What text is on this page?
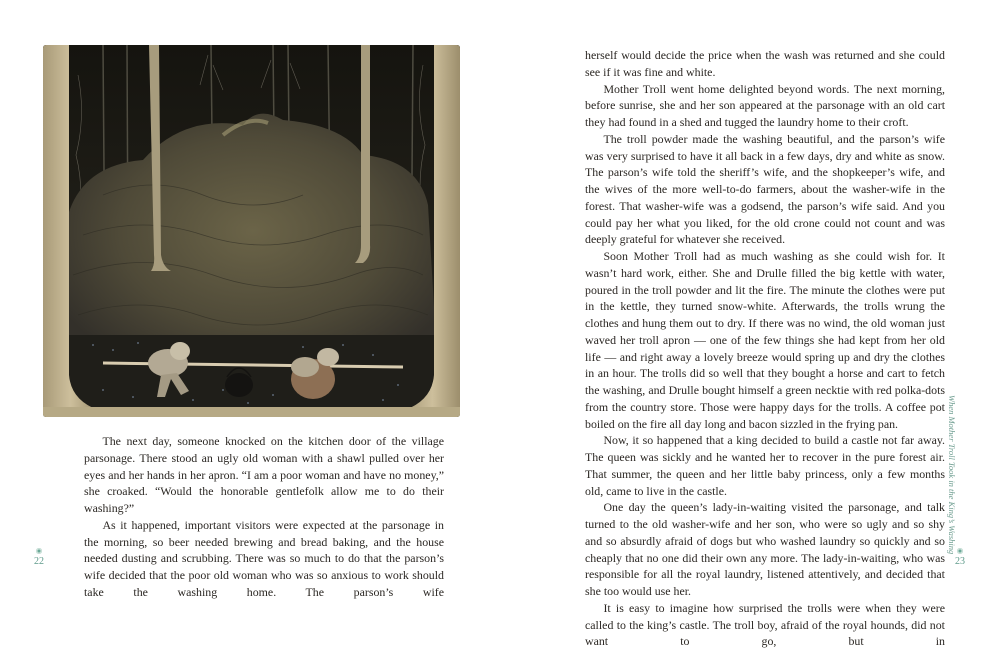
The next day, someone knocked on the kitchen door of the village parsonage. There stood an ugly old woman with a shawl pulled over her eyes and her hands in her apron. “I am a poor woman and have no money,” she croaked. “Would the honorable gentlefolk allow me to do their washing?”

As it happened, important visitors were expected at the parsonage in the morning, so beer needed brewing and bread baking, and the house needed dusting and scrubbing. There was so much to do that the parson’s wife decided that the poor old woman who was so anxious to work should take the washing home. The parson’s wife

22

herself would decide the price when the wash was returned and she could see if it was fine and white.

Mother Troll went home delighted beyond words. The next morning, before sunrise, she and her son appeared at the parsonage with an old cart they had found in a shed and tugged the laundry home to their croft.

The troll powder made the washing beautiful, and the parson’s wife was very surprised to have it all back in a few days, dry and white as snow. The parson’s wife told the sheriff’s wife, and the shopkeeper’s wife, and the wives of the more well-to-do farmers, about the washer-wife in the forest. That washer-wife was a godsend, the parson’s wife said. And you could pay her what you liked, for the old crone could not count and was deeply grateful for whatever she received.

Soon Mother Troll had as much washing as she could wish for. It wasn’t hard work, either. She and Drulle filled the big kettle with water, poured in the troll powder and lit the fire. The minute the clothes were put in the kettle, they turned snow-white. Afterwards, the trolls wrung the clothes and hung them out to dry. If there was no wind, the old woman just waved her troll apron — one of the few things she had kept from her old life — and right away a lovely breeze would spring up and dry the clothes in an hour. The trolls did so well that they bought a horse and cart to fetch the washing, and Drulle bought himself a green necktie with red polka-dots from the country store. Those were happy days for the trolls. A coffee pot boiled on the fire all day long and bacon sizzled in the frying pan.

Now, it so happened that a king decided to build a castle not far away. The queen was sickly and he wanted her to recover in the pure forest air. That summer, the queen and her little baby princess, only a few months old, came to live in the castle.

One day the queen’s lady-in-waiting visited the parsonage, and talk turned to the old washer-wife and her son, who were so ugly and so shy and so absurdly afraid of dogs but who washed laundry so quickly and so cheaply that no one did their own any more. The lady-in-waiting, who was responsible for all the royal laundry, listened attentively, and decided that she too would use her.

It is easy to imagine how surprised the trolls were when they were called to the king’s castle. The troll boy, afraid of the royal hounds, did not want to go, but in

When Mother Troll Took in the King’s Washing
23
